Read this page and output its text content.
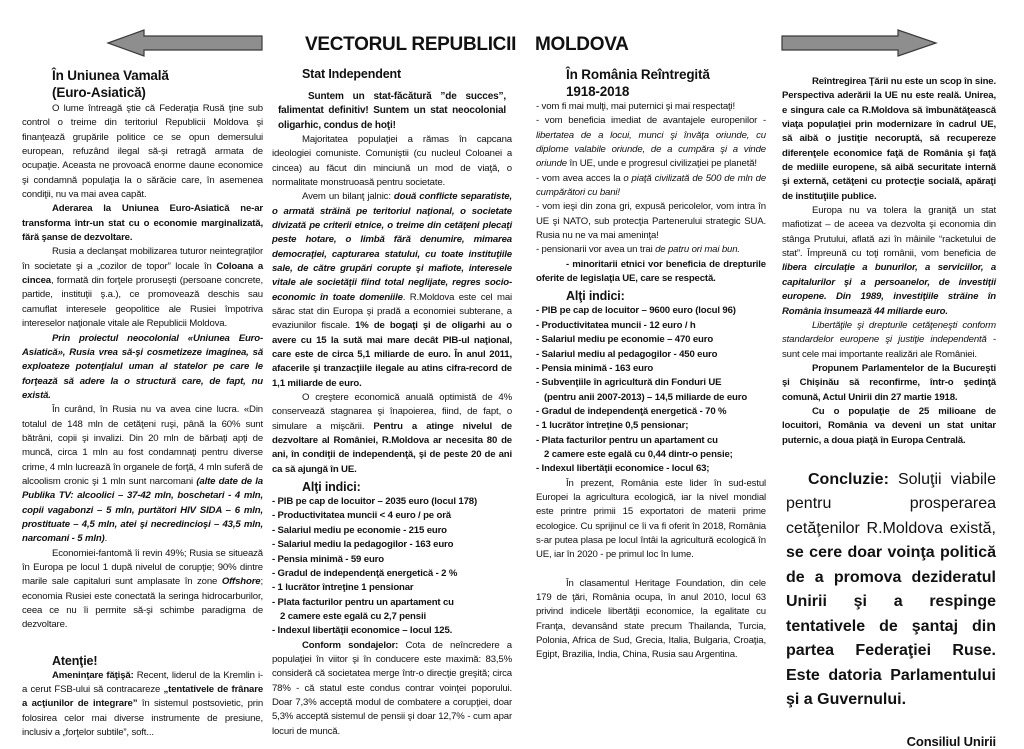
VECTORUL REPUBLICII MOLDOVA

În Uniunea Vamală

(Euro-Asiatică)

O lume întreagă ştie că Federaţia Rusă ţine sub control o treime din teritoriul Republicii Moldova şi finanţează grupările politice ce se opun demersului european, refuzând ilegal să-şi retragă armata de ocupaţie. Aceasta ne provoacă enorme daune economice şi condamnă populaţia la o sărăcie care, în asemenea condiţii, nu va mai avea capăt.

Aderarea la Uniunea Euro-Asiatică ne-ar transforma într-un stat cu o economie marginalizată, fără şanse de dezvoltare.

Rusia a declanşat mobilizarea tuturor neintegraţilor în societate şi a „cozilor de topor” locale în Coloana a cincea, formată din forţele proruseşti (persoane concrete, partide, instituţii ş.a.), ce promovează deschis sau camuflat interesele geopolitice ale Rusiei împotriva intereselor naţionale vitale ale Republicii Moldova.

Prin proiectul neocolonial «Uniunea Euro-Asiatică», Rusia vrea să-şi cosmetizeze imaginea, să exploateze potenţialul uman al statelor pe care le forţează să adere la o structură care, de fapt, nu există.

În curând, în Rusia nu va avea cine lucra. «Din totalul de 148 mln de cetăţeni ruşi, până la 60% sunt bătrâni, copii şi invalizi. Din 20 mln de bărbaţi apţi de muncă, circa 1 mln au fost condamnaţi pentru diverse crime, 4 mln lucrează în organele de forţă, 4 mln suferă de alcoolism cronic şi 1 mln sunt narcomani (alte date de la Publika TV: alcoolici – 37-42 mln, boschetari - 4 mln, copii vagabonzi – 5 mln, purtători HIV SIDA – 6 mln, prostituate – 4,5 mln, atei şi necredincioşi – 43,5 mln, narcomani - 5 mln).

Economiei-fantomă îi revin 49%; Rusia se situează în Europa pe locul 1 după nivelul de corupţie; 90% dintre marile sale capitaluri sunt amplasate în zone Offshore; economia Rusiei este conectată la seringa hidrocarburilor, ceea ce nu îi permite să-şi schimbe paradigma de dezvoltare.

Atenţie!

Ameninţare făţişă: Recent, liderul de la Kremlin i-a cerut FSB-ului să contracareze „tentativele de frânare a acţiunilor de integrare” în sistemul postsovietic, prin folosirea celor mai diverse instrumente de presiune, inclusiv a „forţelor subtile”, soft...

Stat Independent

Suntem un stat-făcătură ”de succes”, falimentat definitiv! Suntem un stat neocolonial oligarhic, condus de hoţi!

Majoritatea populaţiei a rămas în capcana ideologiei comuniste. Comuniştii (cu nucleul Coloanei a cincea) au făcut din minciună un mod de viaţă, o normalitate monstruoasă pentru societate.

Avem un bilanţ jalnic: două conflicte separatiste, o armată străină pe teritoriul naţional, o societate divizată pe criterii etnice, o treime din cetăţeni plecaţi peste hotare, o limbă fără denumire, mimarea democraţiei, capturarea statului, cu toate instituţiile sale, de către grupări corupte şi mafiote, interesele vitale ale societăţii fiind total neglijate, regres socio-economic în toate domeniile. R.Moldova este cel mai sărac stat din Europa şi pradă a economiei subterane, a evaziunilor fiscale. 1% de bogaţi şi de oligarhi au o avere cu 15 la sută mai mare decât PIB-ul naţional, care este de circa 5,1 miliarde de euro. În anul 2011, afacerile şi tranzacţiile ilegale au atins cifra-record de 1,1 miliarde de euro.

O creştere economică anuală optimistă de 4% conservează stagnarea şi înapoierea, fiind, de fapt, o simulare a mişcării. Pentru a atinge nivelul de dezvoltare al României, R.Moldova ar necesita 80 de ani, în condiţii de independenţă, şi de peste 20 de ani ca să ajungă în UE.

Alţi indici:

- PIB pe cap de locuitor – 2035 euro (locul 178)

- Productivitatea muncii < 4 euro / pe oră

- Salariul mediu pe economie - 215 euro

- Salariul mediu la pedagogilor - 163 euro

- Pensia minimă - 59 euro

- Gradul de independenţă energetică - 2 %

- 1 lucrător întreţine 1 pensionar

- Plata facturilor pentru un apartament cu

2 camere este egală cu 2,7 pensii

- Indexul libertăţii economice – locul 125.

Conform sondajelor: Cota de neîncredere a populaţiei în viitor şi în conducere este maximă: 83,5% consideră că societatea merge într-o direcţie greşită; circa 78% - că statul este condus contrar voinţei poporului. Doar 7,3% acceptă modul de combatere a corupţiei, doar 5,3% acceptă sistemul de pensii şi doar 12,7% - cum apar locuri de muncă.

În România Reîntregită

1918-2018

- vom fi mai mulţi, mai puternici şi mai respectaţi!

- vom beneficia imediat de avantajele europenilor - libertatea de a locui, munci şi învăţa oriunde, cu diplome valabile oriunde, de a cumpăra şi a vinde oriunde în UE, unde e progresul civilizaţiei pe planetă!

- vom avea acces la o piaţă civilizată de 500 de mln de cumpărători cu bani!

- vom ieşi din zona gri, expusă pericolelor, vom intra în UE şi NATO, sub protecţia Partenerului strategic SUA. Rusia nu ne va mai ameninţa!

- pensionarii vor avea un trai de patru ori mai bun.

- minoritarii etnici vor beneficia de drepturile oferite de legislaţia UE, care se respectă.

Alţi indici:

- PIB pe cap de locuitor – 9600 euro (locul 96)

- Productivitatea muncii - 12 euro / h

- Salariul mediu pe economie – 470 euro

- Salariul mediu al pedagogilor - 450 euro

- Pensia minimă - 163 euro

- Subvenţiile în agricultură din Fonduri UE

(pentru anii 2007-2013) – 14,5 miliarde de euro

- Gradul de independenţă energetică - 70 %

- 1 lucrător întreţine 0,5 pensionar;

- Plata facturilor pentru un apartament cu

2 camere este egală cu 0,44 dintr-o pensie;

- Indexul libertăţii economice - locul 63;

În prezent, România este lider în sud-estul Europei la agricultura ecologică, iar la nivel mondial este printre primii 15 exportatori de materii prime ecologice. Cu sprijinul ce îi va fi oferit în 2018, România s-ar putea plasa pe locul întâi la agricultură ecologică în UE, iar în 2020 - pe primul loc în lume.

În clasamentul Heritage Foundation, din cele 179 de ţări, România ocupa, în anul 2010, locul 63 privind indicele libertăţii economice, la egalitate cu Franţa, devansând state precum Thailanda, Turcia, Polonia, Africa de Sud, Grecia, Italia, Bulgaria, Croaţia, Egipt, Brazilia, India, China, Rusia sau Argentina.

Reîntregirea Ţării nu este un scop în sine. Perspectiva aderării la UE nu este reală. Unirea, e singura cale ca R.Moldova să îmbunătăţească viaţa populaţiei prin modernizare în cadrul UE, să aibă o justiţie necoruptă, să recupereze diferenţele economice faţă de România şi faţă de mediile europene, să aibă securitate internă şi externă, cetăţeni cu protecţie socială, apăraţi de instituţiile publice.

Europa nu va tolera la graniţă un stat mafiotizat – de aceea va dezvolta şi economia din stânga Prutului, aflată azi în mâinile “racketului de stat”. Împreună cu toţi românii, vom beneficia de libera circulaţie a bunurilor, a serviciilor, a capitalurilor şi a persoanelor, de investiţii europene. Din 1989, investiţiile străine în România însumează 44 miliarde euro.

Libertăţile şi drepturile cetăţeneşti conform standardelor europene şi justiţie independentă - sunt cele mai importante realizări ale României.

Propunem Parlamentelor de la Bucureşti şi Chişinău să reconfirme, într-o şedinţă comună, Actul Unirii din 27 martie 1918.

Cu o populaţie de 25 milioane de locuitori, România va deveni un stat unitar puternic, a doua piaţă în Europa Centrală.

Concluzie: Soluţii viabile pentru prosperarea cetăţenilor R.Moldova există, se cere doar voinţa politică de a promova dezideratul Unirii şi a respinge tentativele de şantaj din partea Federaţiei Ruse. Este datoria Parlamentului şi a Guvernului.

Consiliul Unirii
